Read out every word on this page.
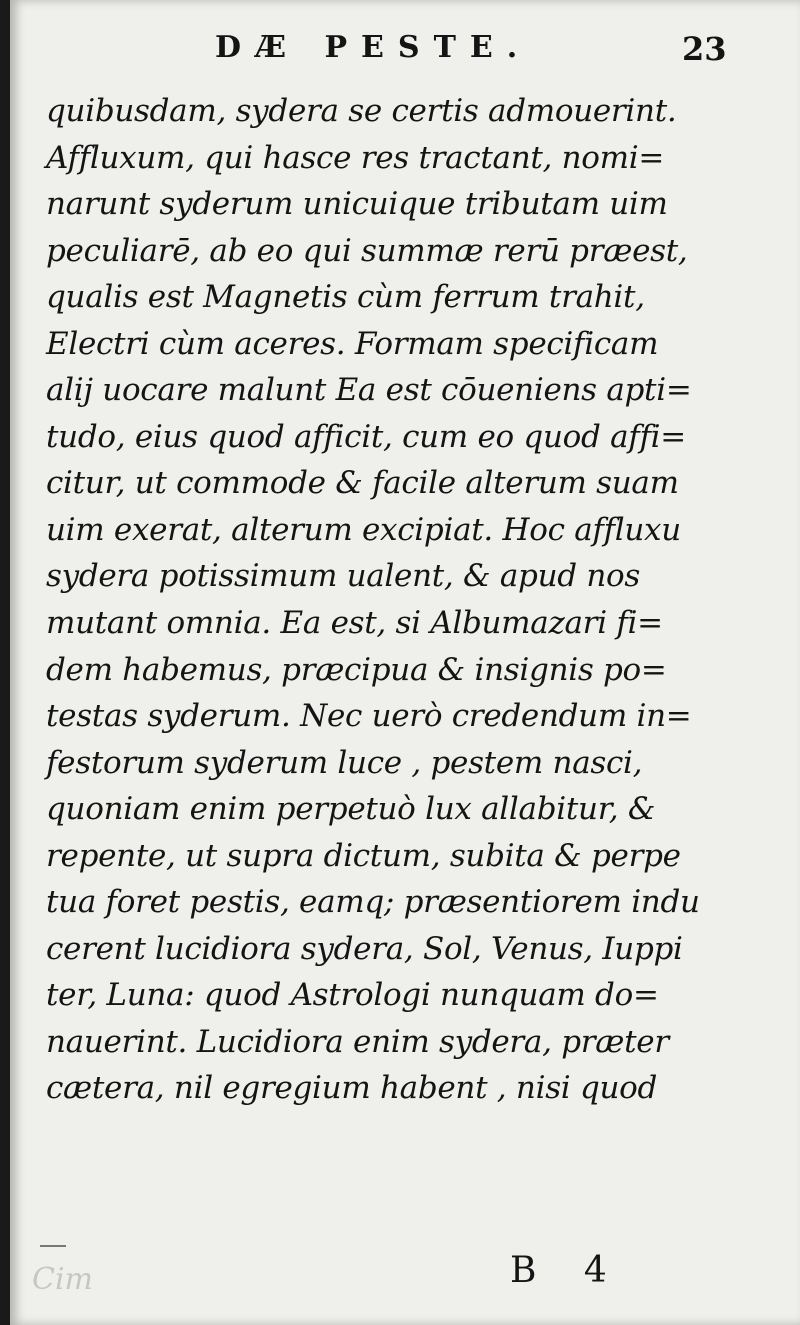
DÆ PESTE.	23
quibusdam, sydera se certis admouerint.
Affluxum, qui hasce res tractant, nomi=
narunt syderum unicuique tributam uim
peculiarē, ab eo qui summæ rerū præest,
qualis est Magnetis cùm ferrum trahit,
Electri cùm aceres. Formam specificam
alij uocare malunt Ea est cōueniens apti=
tudo, eius quod afficit, cum eo quod affi=
citur, ut commode & facile alterum suam
uim exerat, alterum excipiat. Hoc affluxu
sydera potissimum ualent, & apud nos
mutant omnia. Ea est, si Albumazari fi=
dem habemus, præcipua & insignis po=
testas syderum. Nec uerò credendum in=
festorum syderum luce , pestem nasci,
quoniam enim perpetuò lux allabitur, &
repente, ut supra dictum, subita & perpe
tua foret pestis, eamq; præsentiorem indu
cerent lucidiora sydera, Sol, Venus, Iuppi
ter, Luna: quod Astrologi nunquam do=
nauerint. Lucidiora enim sydera, præter
cætera, nil egregium habent , nisi quod
Cim	B 4
